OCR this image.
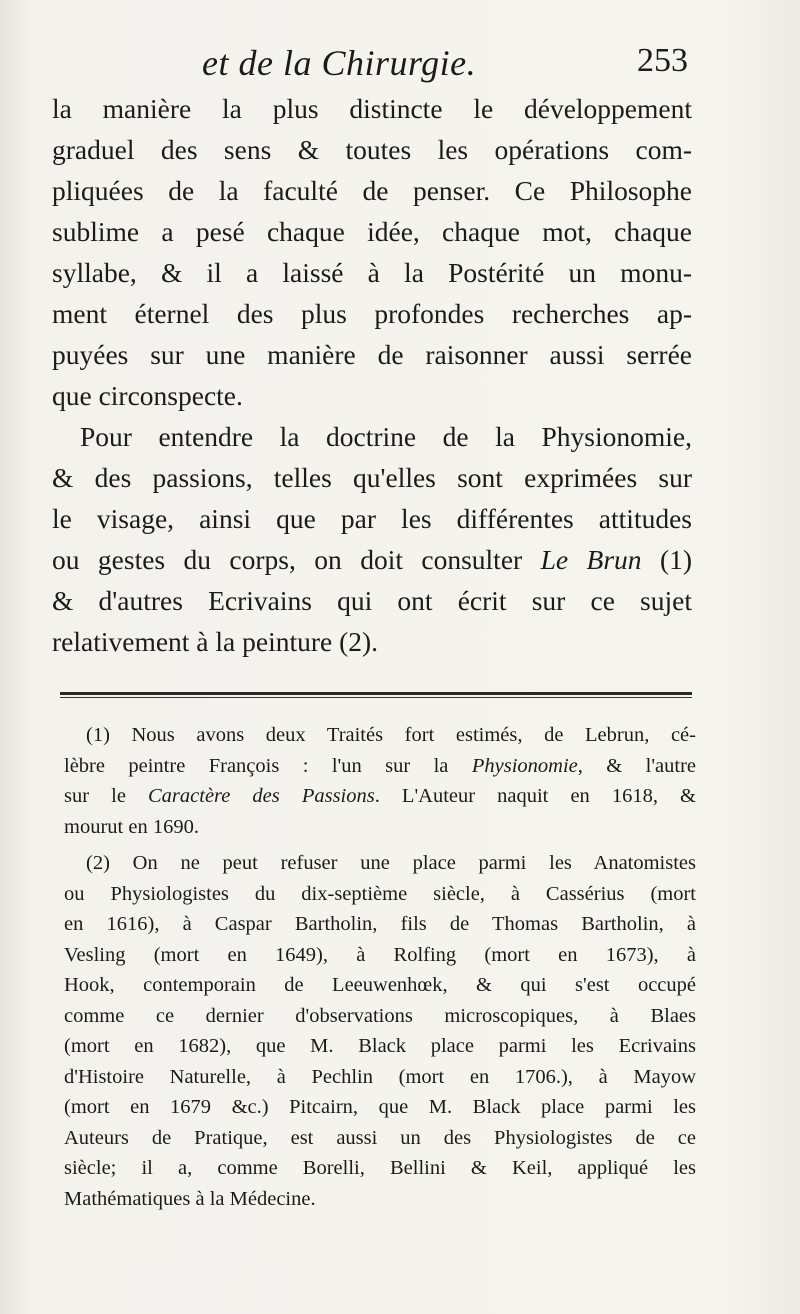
et de la Chirurgie.	253
la manière la plus distincte le développement
graduel des sens & toutes les opérations com-
pliquées de la faculté de penser. Ce Philosophe
sublime a pesé chaque idée, chaque mot, chaque
syllabe, & il a laissé à la Postérité un monu-
ment éternel des plus profondes recherches ap-
puyées sur une manière de raisonner aussi serrée
que circonspecte.
Pour entendre la doctrine de la Physionomie,
& des passions, telles qu'elles sont exprimées sur
le visage, ainsi que par les différentes attitudes
ou gestes du corps, on doit consulter Le Brun (1)
& d'autres Ecrivains qui ont écrit sur ce sujet
relativement à la peinture (2).
(1) Nous avons deux Traités fort estimés, de Lebrun, cé-
lèbre peintre François : l'un sur la Physionomie, & l'autre
sur le Caractère des Passions. L'Auteur naquit en 1618, &
mourut en 1690.
(2) On ne peut refuser une place parmi les Anatomistes
ou Physiologistes du dix-septième siècle, à Cassérius (mort
en 1616), à Caspar Bartholin, fils de Thomas Bartholin, à
Vesling (mort en 1649), à Rolfing (mort en 1673), à
Hook, contemporain de Leeuwenhœk, & qui s'est occupé
comme ce dernier d'observations microscopiques, à Blaes
(mort en 1682), que M. Black place parmi les Ecrivains
d'Histoire Naturelle, à Pechlin (mort en 1706.), à Mayow
(mort en 1679 &c.) Pitcairn, que M. Black place parmi les
Auteurs de Pratique, est aussi un des Physiologistes de ce
siècle; il a, comme Borelli, Bellini & Keil, appliqué les
Mathématiques à la Médecine.
